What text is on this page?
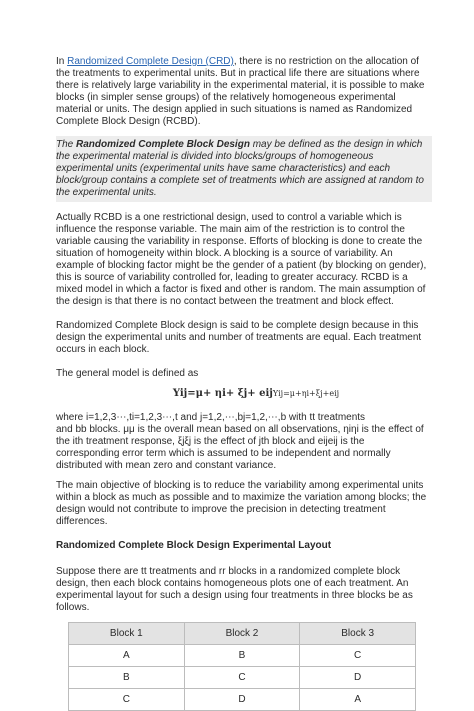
In Randomized Complete Design (CRD), there is no restriction on the allocation of the treatments to experimental units. But in practical life there are situations where there is relatively large variability in the experimental material, it is possible to make blocks (in simpler sense groups) of the relatively homogeneous experimental material or units. The design applied in such situations is named as Randomized Complete Block Design (RCBD).

The Randomized Complete Block Design may be defined as the design in which the experimental material is divided into blocks/groups of homogeneous experimental units (experimental units have same characteristics) and each block/group contains a complete set of treatments which are assigned at random to the experimental units.

Actually RCBD is a one restrictional design, used to control a variable which is influence the response variable. The main aim of the restriction is to control the variable causing the variability in response. Efforts of blocking is done to create the situation of homogeneity within block. A blocking is a source of variability. An example of blocking factor might be the gender of a patient (by blocking on gender), this is source of variability controlled for, leading to greater accuracy. RCBD is a mixed model in which a factor is fixed and other is random. The main assumption of the design is that there is no contact between the treatment and block effect.

Randomized Complete Block design is said to be complete design because in this design the experimental units and number of treatments are equal. Each treatment occurs in each block.

The general model is defined as

Yij=μ+ ηi+ ξj+ eijYij=μ+ηi+ξj+eij

where i=1,2,3⋯,ti=1,2,3⋯,t and j=1,2,⋯,bj=1,2,⋯,b with tt treatments
and bb blocks. μμ is the overall mean based on all observations, ηiηi is the effect of the ith treatment response, ξjξj is the effect of jth block and eijeij is the corresponding error term which is assumed to be independent and normally distributed with mean zero and constant variance.

The main objective of blocking is to reduce the variability among experimental units within a block as much as possible and to maximize the variation among blocks; the design would not contribute to improve the precision in detecting treatment differences.

Randomized Complete Block Design Experimental Layout

Suppose there are tt treatments and rr blocks in a randomized complete block design, then each block contains homogeneous plots one of each treatment. An experimental layout for such a design using four treatments in three blocks be as follows.

Block 1	Block 2	Block 3
A	B	C
B	C	D
C	D	A
